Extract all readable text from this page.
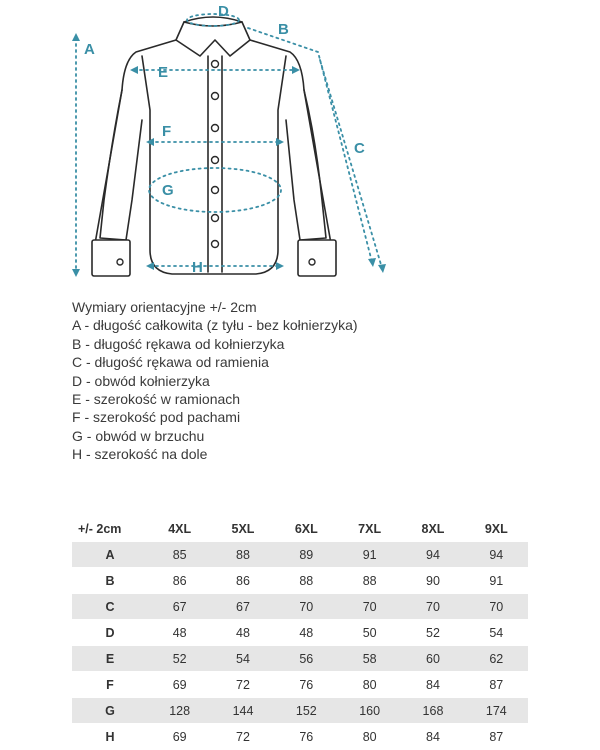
A
B
C
D
E
F
G
H
Wymiary orientacyjne +/- 2cm
A - długość całkowita (z tyłu - bez kołnierzyka)
B - długość rękawa od kołnierzyka
C - długość rękawa od ramienia
D - obwód kołnierzyka
E - szerokość w ramionach
F - szerokość pod pachami
G - obwód w brzuchu
H - szerokość na dole
+/- 2cm	4XL	5XL	6XL	7XL	8XL	9XL
A	85	88	89	91	94	94
B	86	86	88	88	90	91
C	67	67	70	70	70	70
D	48	48	48	50	52	54
E	52	54	56	58	60	62
F	69	72	76	80	84	87
G	128	144	152	160	168	174
H	69	72	76	80	84	87
